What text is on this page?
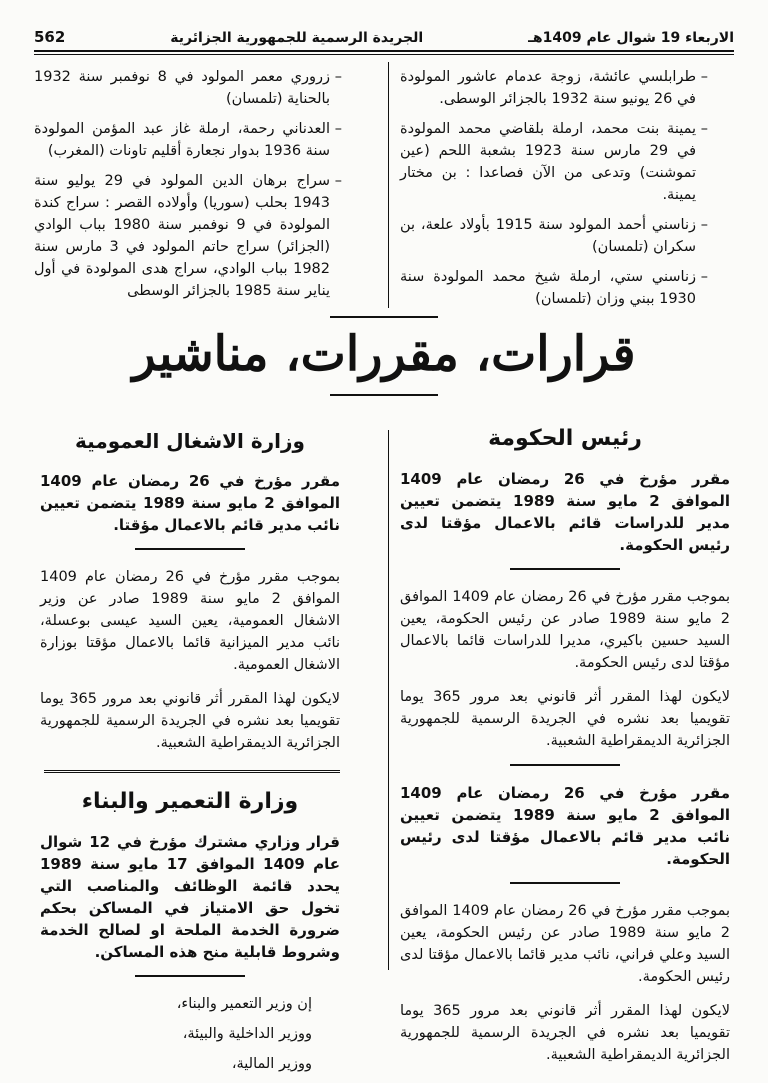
562	الجريدة الرسمية للجمهورية الجزائرية	الاربعاء 19 شوال عام 1409هـ
– طرابلسي عائشة، زوجة عدمام عاشور المولودة في 26 يونيو سنة 1932 بالجزائر الوسطى.
– يمينة بنت محمد، ارملة بلقاضي محمد المولودة في 29 مارس سنة 1923 بشعبة اللحم (عين تموشنت) وتدعى من الآن فصاعدا : بن مختار يمينة.
– زناسني أحمد المولود سنة 1915 بأولاد علعة، بن سكران (تلمسان)
– زناسني ستي، ارملة شيخ محمد المولودة سنة 1930 ببني وزان (تلمسان)
– زروري معمر المولود في 8 نوفمبر سنة 1932 بالحناية (تلمسان)
– العدناني رحمة، ارملة غاز عبد المؤمن المولودة سنة 1936 بدوار نجعارة أقليم تاونات (المغرب)
– سراج برهان الدين المولود في 29 يوليو سنة 1943 بحلب (سوريا) وأولاده القصر : سراج كندة المولودة في 9 نوفمبر سنة 1980 بباب الوادي (الجزائر) سراج حاتم المولود في 3 مارس سنة 1982 بباب الوادي، سراج هدى المولودة في أول يناير سنة 1985 بالجزائر الوسطى
قرارات، مقررات، مناشير
رئيس الحكومة

مقرر مؤرخ في 26 رمضان عام 1409 الموافق 2 مايو سنة 1989 يتضمن تعيين مدير للدراسات قائم بالاعمال مؤقتا لدى رئيس الحكومة.

بموجب مقرر مؤرخ في 26 رمضان عام 1409 الموافق 2 مايو سنة 1989 صادر عن رئيس الحكومة، يعين السيد حسين باكيري، مديرا للدراسات قائما بالاعمال مؤقتا لدى رئيس الحكومة.

لايكون لهذا المقرر أثر قانوني بعد مرور 365 يوما تقويميا بعد نشره في الجريدة الرسمية للجمهورية الجزائرية الديمقراطية الشعبية.

مقرر مؤرخ في 26 رمضان عام 1409 الموافق 2 مايو سنة 1989 يتضمن تعيين نائب مدير قائم بالاعمال مؤقتا لدى رئيس الحكومة.

بموجب مقرر مؤرخ في 26 رمضان عام 1409 الموافق 2 مايو سنة 1989 صادر عن رئيس الحكومة، يعين السيد وعلي فراني، نائب مدير قائما بالاعمال مؤقتا لدى رئيس الحكومة.

لايكون لهذا المقرر أثر قانوني بعد مرور 365 يوما تقويميا بعد نشره في الجريدة الرسمية للجمهورية الجزائرية الديمقراطية الشعبية.

وزارة الاشغال العمومية

مقرر مؤرخ في 26 رمضان عام 1409 الموافق 2 مايو سنة 1989 يتضمن تعيين نائب مدير قائم بالاعمال مؤقتا.

بموجب مقرر مؤرخ في 26 رمضان عام 1409 الموافق 2 مايو سنة 1989 صادر عن وزير الاشغال العمومية، يعين السيد عيسى بوعسلة، نائب مدير الميزانية قائما بالاعمال مؤقتا بوزارة الاشغال العمومية.

لايكون لهذا المقرر أثر قانوني بعد مرور 365 يوما تقويميا بعد نشره في الجريدة الرسمية للجمهورية الجزائرية الديمقراطية الشعبية.

وزارة التعمير والبناء

قرار وزاري مشترك مؤرخ في 12 شوال عام 1409 الموافق 17 مايو سنة 1989 يحدد قائمة الوظائف والمناصب التي تخول حق الامتياز في المساكن بحكم ضرورة الخدمة الملحة او لصالح الخدمة وشروط قابلية منح هذه المساكن.

إن وزير التعمير والبناء،
ووزير الداخلية والبيئة،
ووزير المالية،
